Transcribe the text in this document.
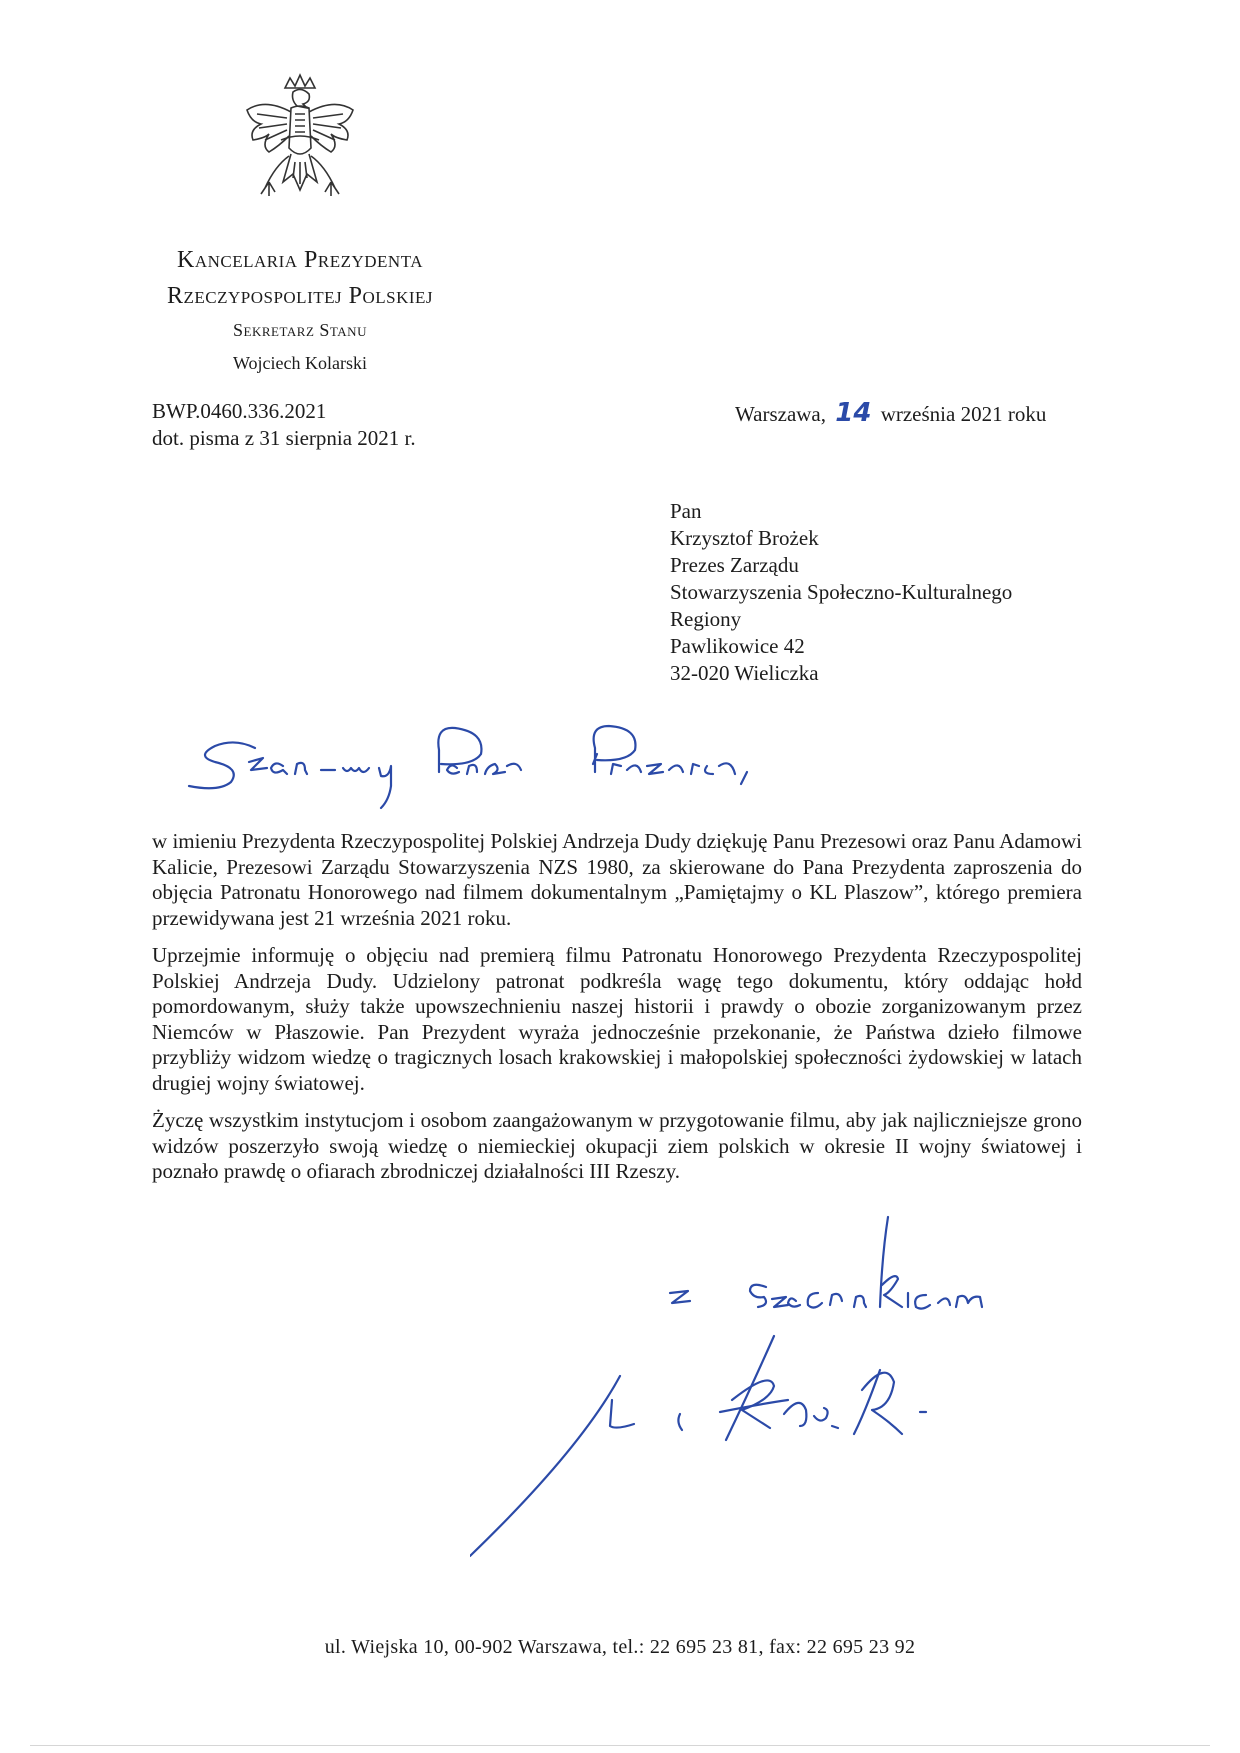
Kancelaria Prezydenta
Rzeczypospolitej Polskiej
Sekretarz Stanu
Wojciech Kolarski
BWP.0460.336.2021
dot. pisma z 31 sierpnia 2021 r.
Warszawa, 14 września 2021 roku
Pan
Krzysztof Brożek
Prezes Zarządu
Stowarzyszenia Społeczno-Kulturalnego
Regiony
Pawlikowice 42
32-020 Wieliczka

w imieniu Prezydenta Rzeczypospolitej Polskiej Andrzeja Dudy dziękuję Panu Prezesowi oraz Panu Adamowi Kalicie, Prezesowi Zarządu Stowarzyszenia NZS 1980, za skierowane do Pana Prezydenta zaproszenia do objęcia Patronatu Honorowego nad filmem dokumentalnym „Pamiętajmy o KL Plaszow”, którego premiera przewidywana jest 21 września 2021 roku.

Uprzejmie informuję o objęciu nad premierą filmu Patronatu Honorowego Prezydenta Rzeczypospolitej Polskiej Andrzeja Dudy. Udzielony patronat podkreśla wagę tego dokumentu, który oddając hołd pomordowanym, służy także upowszechnieniu naszej historii i prawdy o obozie zorganizowanym przez Niemców w Płaszowie. Pan Prezydent wyraża jednocześnie przekonanie, że Państwa dzieło filmowe przybliży widzom wiedzę o tragicznych losach krakowskiej i małopolskiej społeczności żydowskiej w latach drugiej wojny światowej.

Życzę wszystkim instytucjom i osobom zaangażowanym w przygotowanie filmu, aby jak najliczniejsze grono widzów poszerzyło swoją wiedzę o niemieckiej okupacji ziem polskich w okresie II wojny światowej i poznało prawdę o ofiarach zbrodniczej działalności III Rzeszy.

ul. Wiejska 10, 00-902 Warszawa, tel.: 22 695 23 81, fax: 22 695 23 92
